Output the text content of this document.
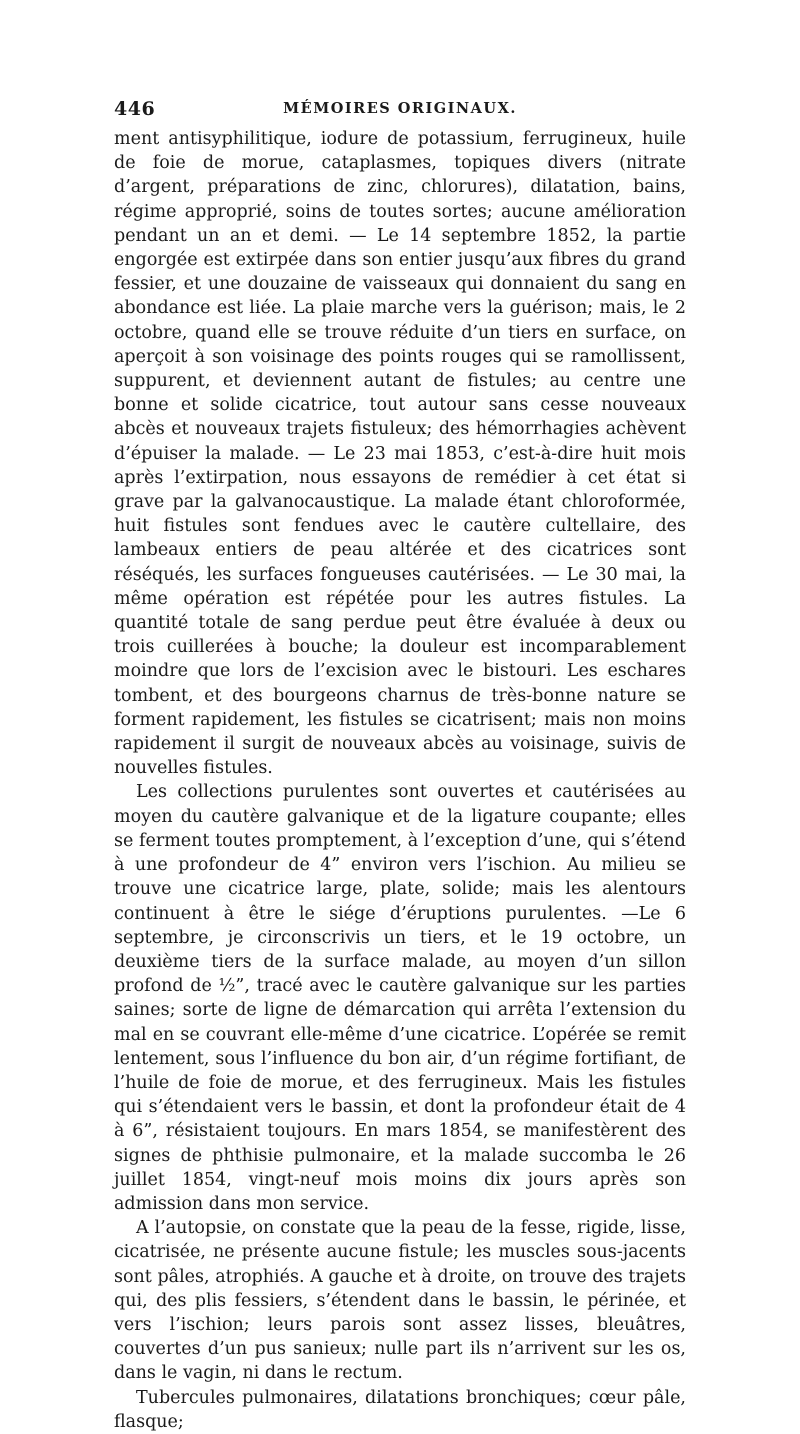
446	MÉMOIRES ORIGINAUX.

ment antisyphilitique, iodure de potassium, ferrugineux, huile de foie de morue, cataplasmes, topiques divers (nitrate d’argent, préparations de zinc, chlorures), dilatation, bains, régime approprié, soins de toutes sortes; aucune amélioration pendant un an et demi. — Le 14 septembre 1852, la partie engorgée est extirpée dans son entier jusqu’aux fibres du grand fessier, et une douzaine de vaisseaux qui donnaient du sang en abondance est liée. La plaie marche vers la guérison; mais, le 2 octobre, quand elle se trouve réduite d’un tiers en surface, on aperçoit à son voisinage des points rouges qui se ramollissent, suppurent, et deviennent autant de fistules; au centre une bonne et solide cicatrice, tout autour sans cesse nouveaux abcès et nouveaux trajets fistuleux; des hémorrhagies achèvent d’épuiser la malade. — Le 23 mai 1853, c’est-à-dire huit mois après l’extirpation, nous essayons de remédier à cet état si grave par la galvanocaustique. La malade étant chloroformée, huit fistules sont fendues avec le cautère cultellaire, des lambeaux entiers de peau altérée et des cicatrices sont réséqués, les surfaces fongueuses cautérisées. — Le 30 mai, la même opération est répétée pour les autres fistules. La quantité totale de sang perdue peut être évaluée à deux ou trois cuillerées à bouche; la douleur est incomparablement moindre que lors de l’excision avec le bistouri. Les eschares tombent, et des bourgeons charnus de très-bonne nature se forment rapidement, les fistules se cicatrisent; mais non moins rapidement il surgit de nouveaux abcès au voisinage, suivis de nouvelles fistules.

Les collections purulentes sont ouvertes et cautérisées au moyen du cautère galvanique et de la ligature coupante; elles se ferment toutes promptement, à l’exception d’une, qui s’étend à une profondeur de 4” environ vers l’ischion. Au milieu se trouve une cicatrice large, plate, solide; mais les alentours continuent à être le siége d’éruptions purulentes. —Le 6 septembre, je circonscrivis un tiers, et le 19 octobre, un deuxième tiers de la surface malade, au moyen d’un sillon profond de ½”, tracé avec le cautère galvanique sur les parties saines; sorte de ligne de démarcation qui arrêta l’extension du mal en se couvrant elle-même d’une cicatrice. L’opérée se remit lentement, sous l’influence du bon air, d’un régime fortifiant, de l’huile de foie de morue, et des ferrugineux. Mais les fistules qui s’étendaient vers le bassin, et dont la profondeur était de 4 à 6”, résistaient toujours. En mars 1854, se manifestèrent des signes de phthisie pulmonaire, et la malade succomba le 26 juillet 1854, vingt-neuf mois moins dix jours après son admission dans mon service.

A l’autopsie, on constate que la peau de la fesse, rigide, lisse, cicatrisée, ne présente aucune fistule; les muscles sous-jacents sont pâles, atrophiés. A gauche et à droite, on trouve des trajets qui, des plis fessiers, s’étendent dans le bassin, le périnée, et vers l’ischion; leurs parois sont assez lisses, bleuâtres, couvertes d’un pus sanieux; nulle part ils n’arrivent sur les os, dans le vagin, ni dans le rectum.

Tubercules pulmonaires, dilatations bronchiques; cœur pâle, flasque;
